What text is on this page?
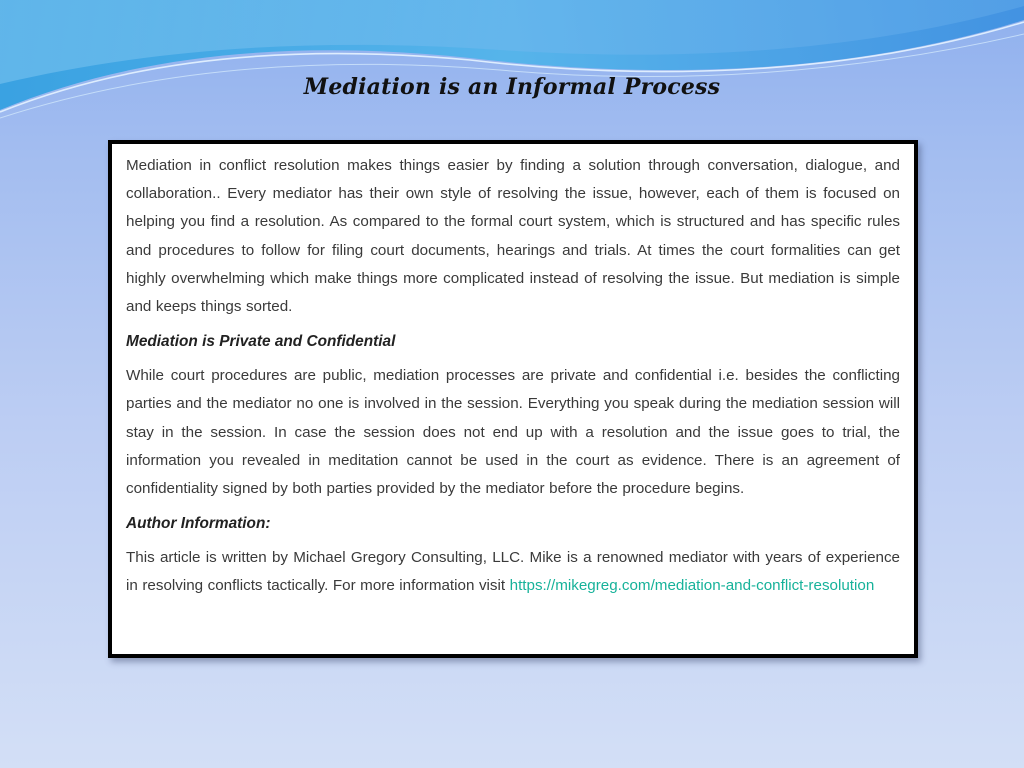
Mediation is an Informal Process

Mediation in conflict resolution makes things easier by finding a solution through conversation, dialogue, and collaboration.. Every mediator has their own style of resolving the issue, however, each of them is focused on helping you find a resolution. As compared to the formal court system, which is structured and has specific rules and procedures to follow for filing court documents, hearings and trials. At times the court formalities can get highly overwhelming which make things more complicated instead of resolving the issue. But mediation is simple and keeps things sorted.

Mediation is Private and Confidential

While court procedures are public, mediation processes are private and confidential i.e. besides the conflicting parties and the mediator no one is involved in the session. Everything you speak during the mediation session will stay in the session. In case the session does not end up with a resolution and the issue goes to trial, the information you revealed in meditation cannot be used in the court as evidence. There is an agreement of confidentiality signed by both parties provided by the mediator before the procedure begins.

Author Information:

This article is written by Michael Gregory Consulting, LLC. Mike is a renowned mediator with years of experience in resolving conflicts tactically. For more information visit https://mikegreg.com/mediation-and-conflict-resolution
